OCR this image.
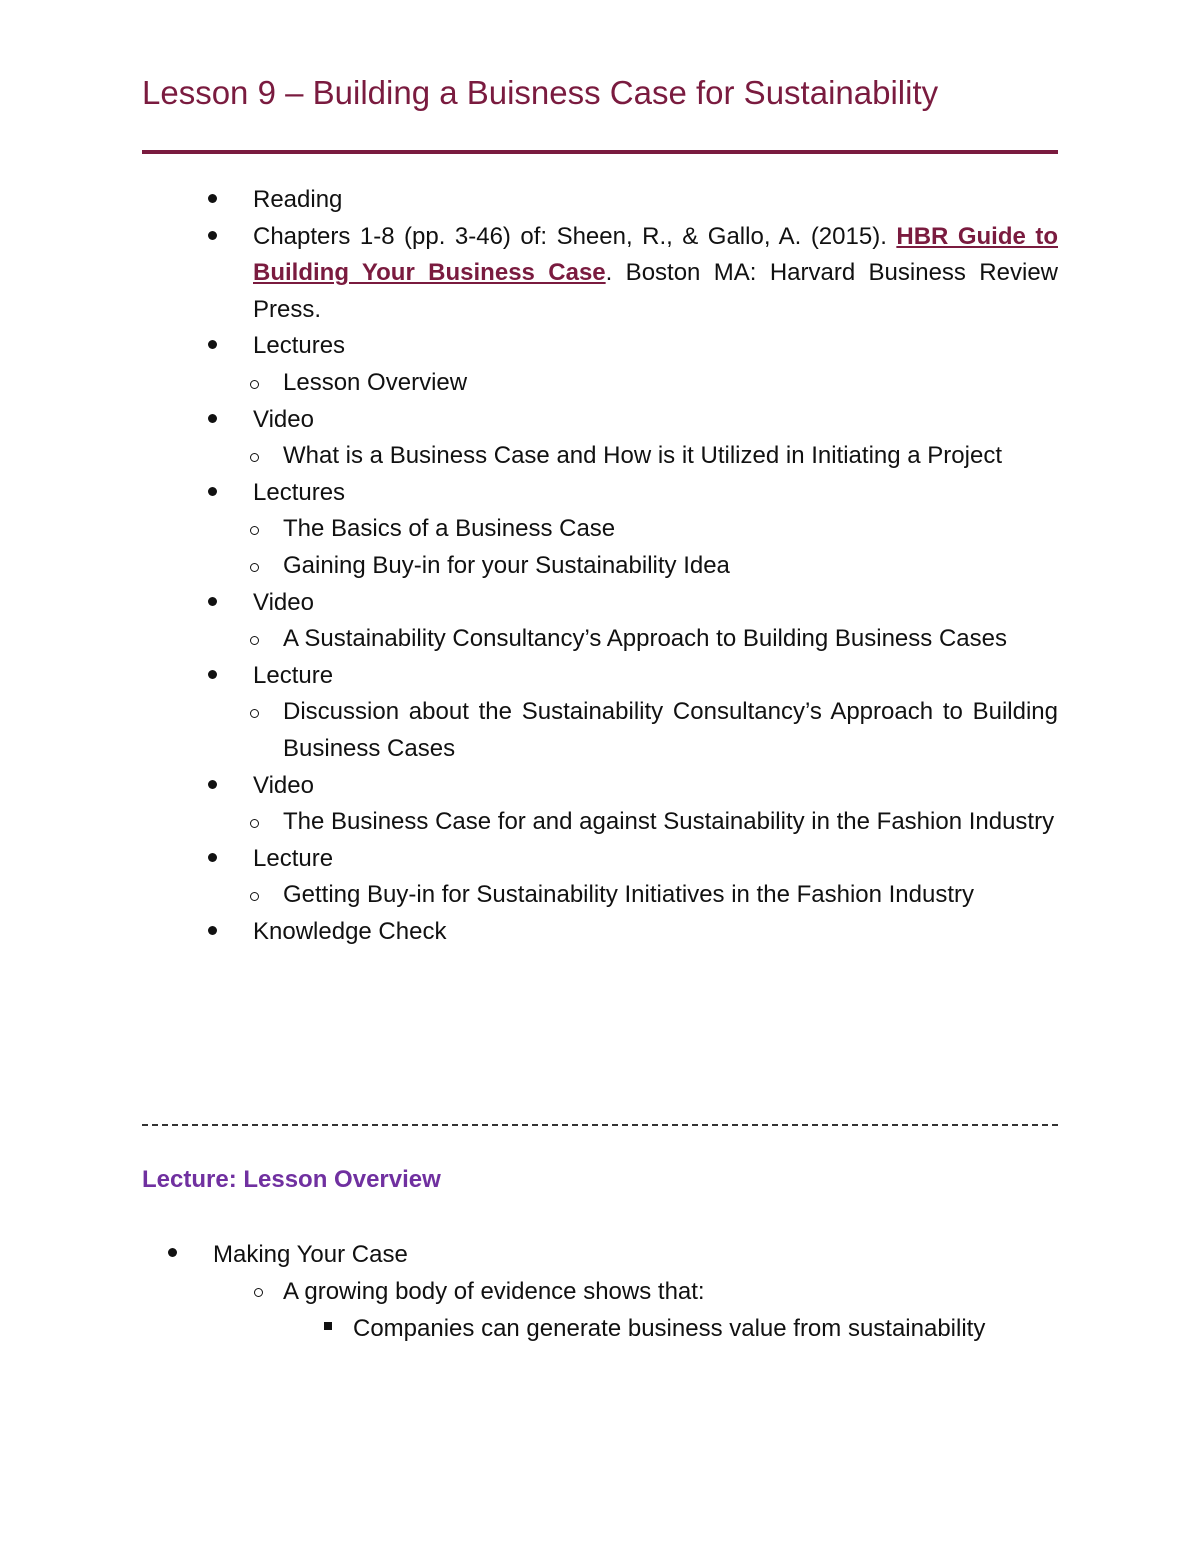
Lesson 9 – Building a Buisness Case for Sustainability
Reading
Chapters 1-8 (pp. 3-46) of: Sheen, R., & Gallo, A. (2015). HBR Guide to Building Your Business Case. Boston MA: Harvard Business Review Press.
Lectures
Lesson Overview
Video
What is a Business Case and How is it Utilized in Initiating a Project
Lectures
The Basics of a Business Case
Gaining Buy-in for your Sustainability Idea
Video
A Sustainability Consultancy’s Approach to Building Business Cases
Lecture
Discussion about the Sustainability Consultancy’s Approach to Building Business Cases
Video
The Business Case for and against Sustainability in the Fashion Industry
Lecture
Getting Buy-in for Sustainability Initiatives in the Fashion Industry
Knowledge Check
Lecture: Lesson Overview
Making Your Case
A growing body of evidence shows that:
Companies can generate business value from sustainability
